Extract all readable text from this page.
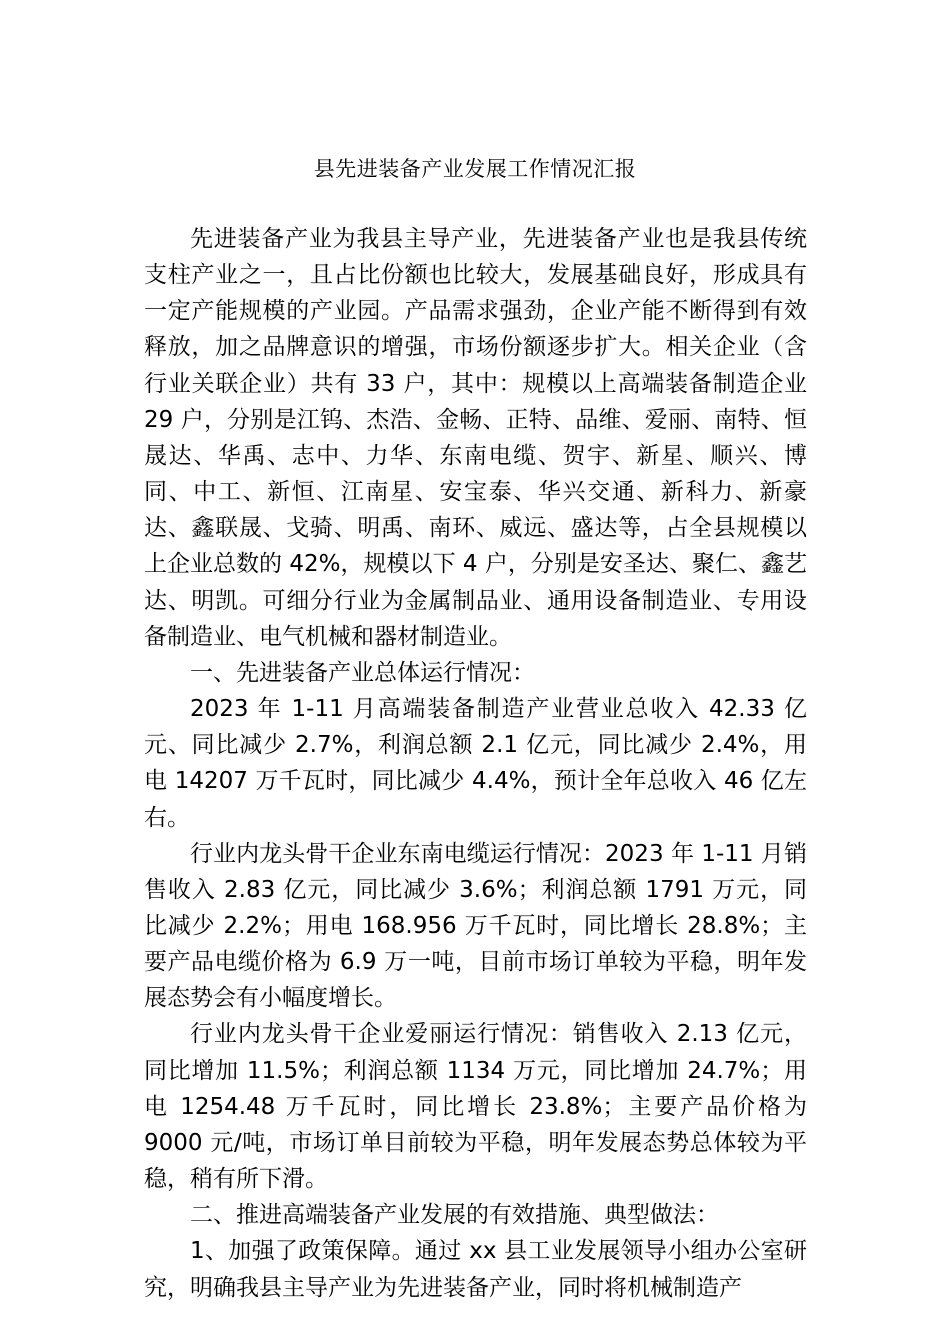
县先进装备产业发展工作情况汇报

先进装备产业为我县主导产业，先进装备产业也是我县传统支柱产业之一，且占比份额也比较大，发展基础良好，形成具有一定产能规模的产业园。产品需求强劲，企业产能不断得到有效释放，加之品牌意识的增强，市场份额逐步扩大。相关企业（含行业关联企业）共有 33 户，其中：规模以上高端装备制造企业 29 户，分别是江钨、杰浩、金畅、正特、品维、爱丽、南特、恒晟达、华禹、志中、力华、东南电缆、贺宇、新星、顺兴、博同、中工、新恒、江南星、安宝泰、华兴交通、新科力、新豪达、鑫联晟、戈骑、明禹、南环、威远、盛达等，占全县规模以上企业总数的 42%，规模以下 4 户，分别是安圣达、聚仁、鑫艺达、明凯。可细分行业为金属制品业、通用设备制造业、专用设备制造业、电气机械和器材制造业。

一、先进装备产业总体运行情况：

2023 年 1-11 月高端装备制造产业营业总收入 42.33 亿元、同比减少 2.7%，利润总额 2.1 亿元，同比减少 2.4%，用电 14207 万千瓦时，同比减少 4.4%，预计全年总收入 46 亿左右。

行业内龙头骨干企业东南电缆运行情况：2023 年 1-11 月销售收入 2.83 亿元，同比减少 3.6%；利润总额 1791 万元，同比减少 2.2%；用电 168.956 万千瓦时，同比增长 28.8%；主要产品电缆价格为 6.9 万一吨，目前市场订单较为平稳，明年发展态势会有小幅度增长。

行业内龙头骨干企业爱丽运行情况：销售收入 2.13 亿元，同比增加 11.5%；利润总额 1134 万元，同比增加 24.7%；用电 1254.48 万千瓦时，同比增长 23.8%；主要产品价格为 9000 元/吨，市场订单目前较为平稳，明年发展态势总体较为平稳，稍有所下滑。

二、推进高端装备产业发展的有效措施、典型做法：

1、加强了政策保障。通过 xx 县工业发展领导小组办公室研究，明确我县主导产业为先进装备产业，同时将机械制造产
